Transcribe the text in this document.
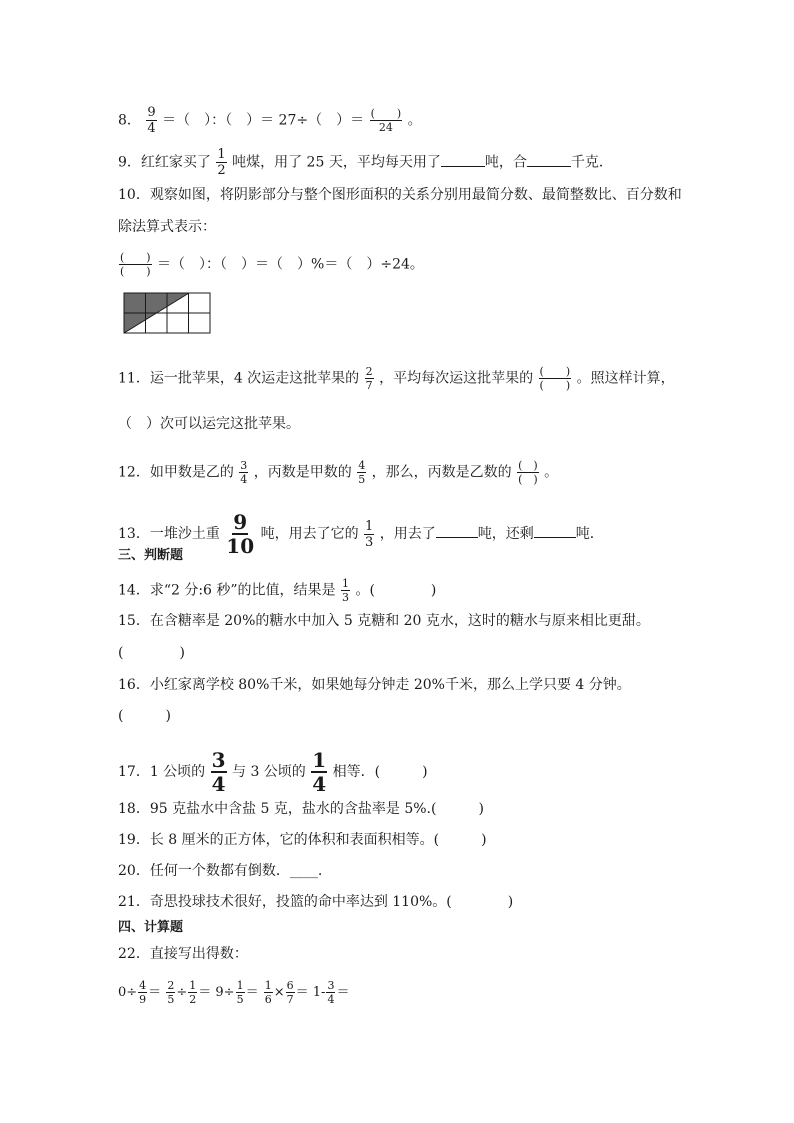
8． $\frac{9}{4}$ ＝（　）：（　）＝ 27÷（　）＝ $\frac{( )}{24}$ 。
9．红红家买了 $\frac{1}{2}$ 吨煤，用了 25 天，平均每天用了	吨，合	千克．
10．观察如图，将阴影部分与整个图形面积的关系分别用最简分数、最简整数比、百分数和
除法算式表示：
$\frac{( )}{( )}$ ＝（　）：（　）＝（　）%＝（　）÷24。
11．运一批苹果，4 次运走这批苹果的 $\frac{2}{7}$ ，平均每次运这批苹果的 $\frac{( )}{( )}$ 。照这样计算，
（　）次可以运完这批苹果。
12．如甲数是乙的 $\frac{3}{4}$ ，丙数是甲数的 $\frac{4}{5}$ ，那么，丙数是乙数的 $\frac{( )}{( )}$ 。
13．一堆沙土重 $\frac{9}{10}$ 吨，用去了它的 $\frac{1}{3}$ ，用去了	吨，还剩	吨．
三、判断题
14．求“2 分:6 秒”的比值，结果是 $\frac{1}{3}$ 。(　　　　)
15．在含糖率是 20%的糖水中加入 5 克糖和 20 克水，这时的糖水与原来相比更甜。
(　　　　)
16．小红家离学校 80%千米，如果她每分钟走 20%千米，那么上学只要 4 分钟。
(　　　)
17．1 公顷的 $\frac{3}{4}$ 与 3 公顷的 $\frac{1}{4}$ 相等．(　　　)
18．95 克盐水中含盐 5 克，盐水的含盐率是 5%.(　　　)
19．长 8 厘米的正方体，它的体积和表面积相等。(　　　)
20．任何一个数都有倒数．____.
21．奇思投球技术很好，投篮的命中率达到 110%。(　　　　)
四、计算题
22．直接写出得数：
$0\div \frac{4}{9} = \frac{2}{5} \div \frac{1}{2} = 9\div \frac{1}{5} = \frac{1}{6} \times \frac{6}{7} = 1- \frac{3}{4}$ ＝
